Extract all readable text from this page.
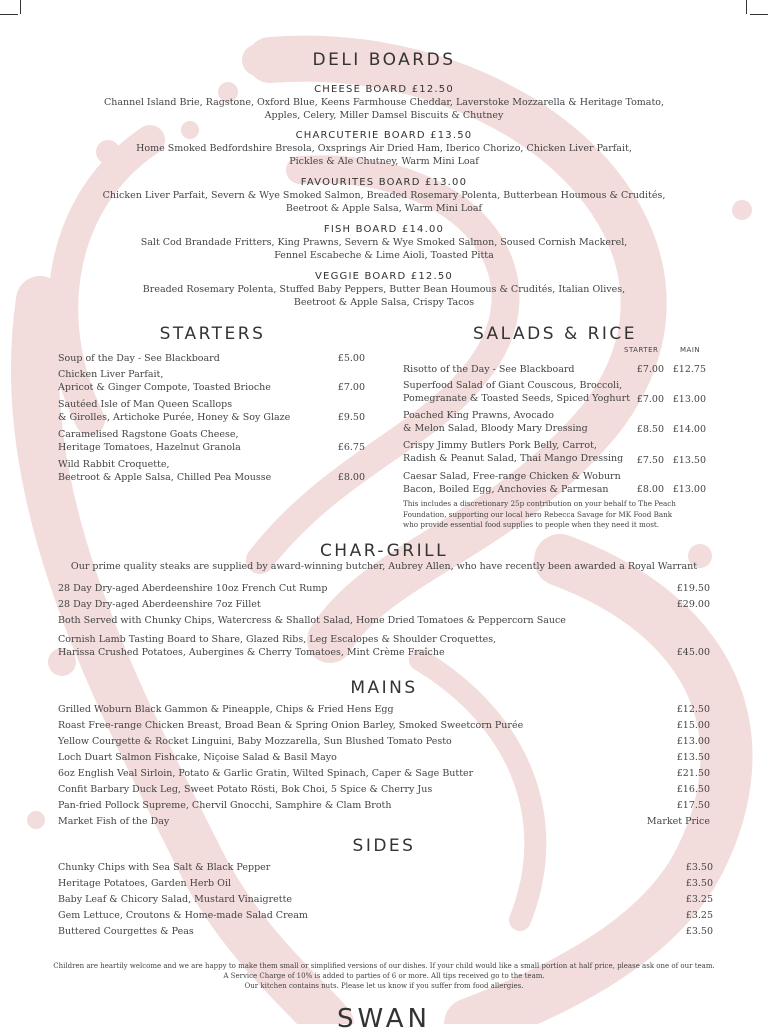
DELI BOARDS
CHEESE BOARD £12.50
Channel Island Brie, Ragstone, Oxford Blue, Keens Farmhouse Cheddar, Laverstoke Mozzarella & Heritage Tomato,
Apples, Celery, Miller Damsel Biscuits & Chutney
CHARCUTERIE BOARD £13.50
Home Smoked Bedfordshire Bresola, Oxsprings Air Dried Ham, Iberico Chorizo, Chicken Liver Parfait,
Pickles & Ale Chutney, Warm Mini Loaf
FAVOURITES BOARD £13.00
Chicken Liver Parfait, Severn & Wye Smoked Salmon, Breaded Rosemary Polenta, Butterbean Houmous & Crudités,
Beetroot & Apple Salsa, Warm Mini Loaf
FISH BOARD £14.00
Salt Cod Brandade Fritters, King Prawns, Severn & Wye Smoked Salmon, Soused Cornish Mackerel,
Fennel Escabeche & Lime Aioli, Toasted Pitta
VEGGIE BOARD £12.50
Breaded Rosemary Polenta, Stuffed Baby Peppers, Butter Bean Houmous & Crudités, Italian Olives,
Beetroot & Apple Salsa, Crispy Tacos
STARTERS
Soup of the Day - See Blackboard	£5.00
Chicken Liver Parfait,
Apricot & Ginger Compote, Toasted Brioche	£7.00
Sautéed Isle of Man Queen Scallops
& Girolles, Artichoke Purée, Honey & Soy Glaze	£9.50
Caramelised Ragstone Goats Cheese,
Heritage Tomatoes, Hazelnut Granola	£6.75
Wild Rabbit Croquette,
Beetroot & Apple Salsa, Chilled Pea Mousse	£8.00
SALADS & RICE
STARTER	MAIN
Risotto of the Day - See Blackboard	£7.00 £12.75
Superfood Salad of Giant Couscous, Broccoli,
Pomegranate & Toasted Seeds, Spiced Yoghurt £7.00 £13.00
Poached King Prawns, Avocado
& Melon Salad, Bloody Mary Dressing	£8.50 £14.00
Crispy Jimmy Butlers Pork Belly, Carrot,
Radish & Peanut Salad, Thai Mango Dressing	£7.50 £13.50
Caesar Salad, Free-range Chicken & Woburn
Bacon, Boiled Egg, Anchovies & Parmesan	£8.00 £13.00
This includes a discretionary 25p contribution on your behalf to The Peach
Foundation, supporting our local hero Rebecca Savage for MK Food Bank
who provide essential food supplies to people when they need it most.
CHAR-GRILL
Our prime quality steaks are supplied by award-winning butcher, Aubrey Allen, who have recently been awarded a Royal Warrant
28 Day Dry-aged Aberdeenshire 10oz French Cut Rump	£19.50
28 Day Dry-aged Aberdeenshire 7oz Fillet	£29.00
Both Served with Chunky Chips, Watercress & Shallot Salad, Home Dried Tomatoes & Peppercorn Sauce
Cornish Lamb Tasting Board to Share, Glazed Ribs, Leg Escalopes & Shoulder Croquettes,
Harissa Crushed Potatoes, Aubergines & Cherry Tomatoes, Mint Crème Fraîche	£45.00
MAINS
Grilled Woburn Black Gammon & Pineapple, Chips & Fried Hens Egg	£12.50
Roast Free-range Chicken Breast, Broad Bean & Spring Onion Barley, Smoked Sweetcorn Purée	£15.00
Yellow Courgette & Rocket Linguini, Baby Mozzarella, Sun Blushed Tomato Pesto	£13.00
Loch Duart Salmon Fishcake, Niçoise Salad & Basil Mayo	£13.50
6oz English Veal Sirloin, Potato & Garlic Gratin, Wilted Spinach, Caper & Sage Butter	£21.50
Confit Barbary Duck Leg, Sweet Potato Rösti, Bok Choi, 5 Spice & Cherry Jus	£16.50
Pan-fried Pollock Supreme, Chervil Gnocchi, Samphire & Clam Broth	£17.50
Market Fish of the Day	Market Price
SIDES
Chunky Chips with Sea Salt & Black Pepper	£3.50
Heritage Potatoes, Garden Herb Oil	£3.50
Baby Leaf & Chicory Salad, Mustard Vinaigrette	£3.25
Gem Lettuce, Croutons & Home-made Salad Cream	£3.25
Buttered Courgettes & Peas	£3.50
Children are heartily welcome and we are happy to make them small or simplified versions of our dishes. If your child would like a small portion at half price, please ask one of our team.
A Service Charge of 10% is added to parties of 6 or more. All tips received go to the team.
Our kitchen contains nuts. Please let us know if you suffer from food allergies.
SWAN
